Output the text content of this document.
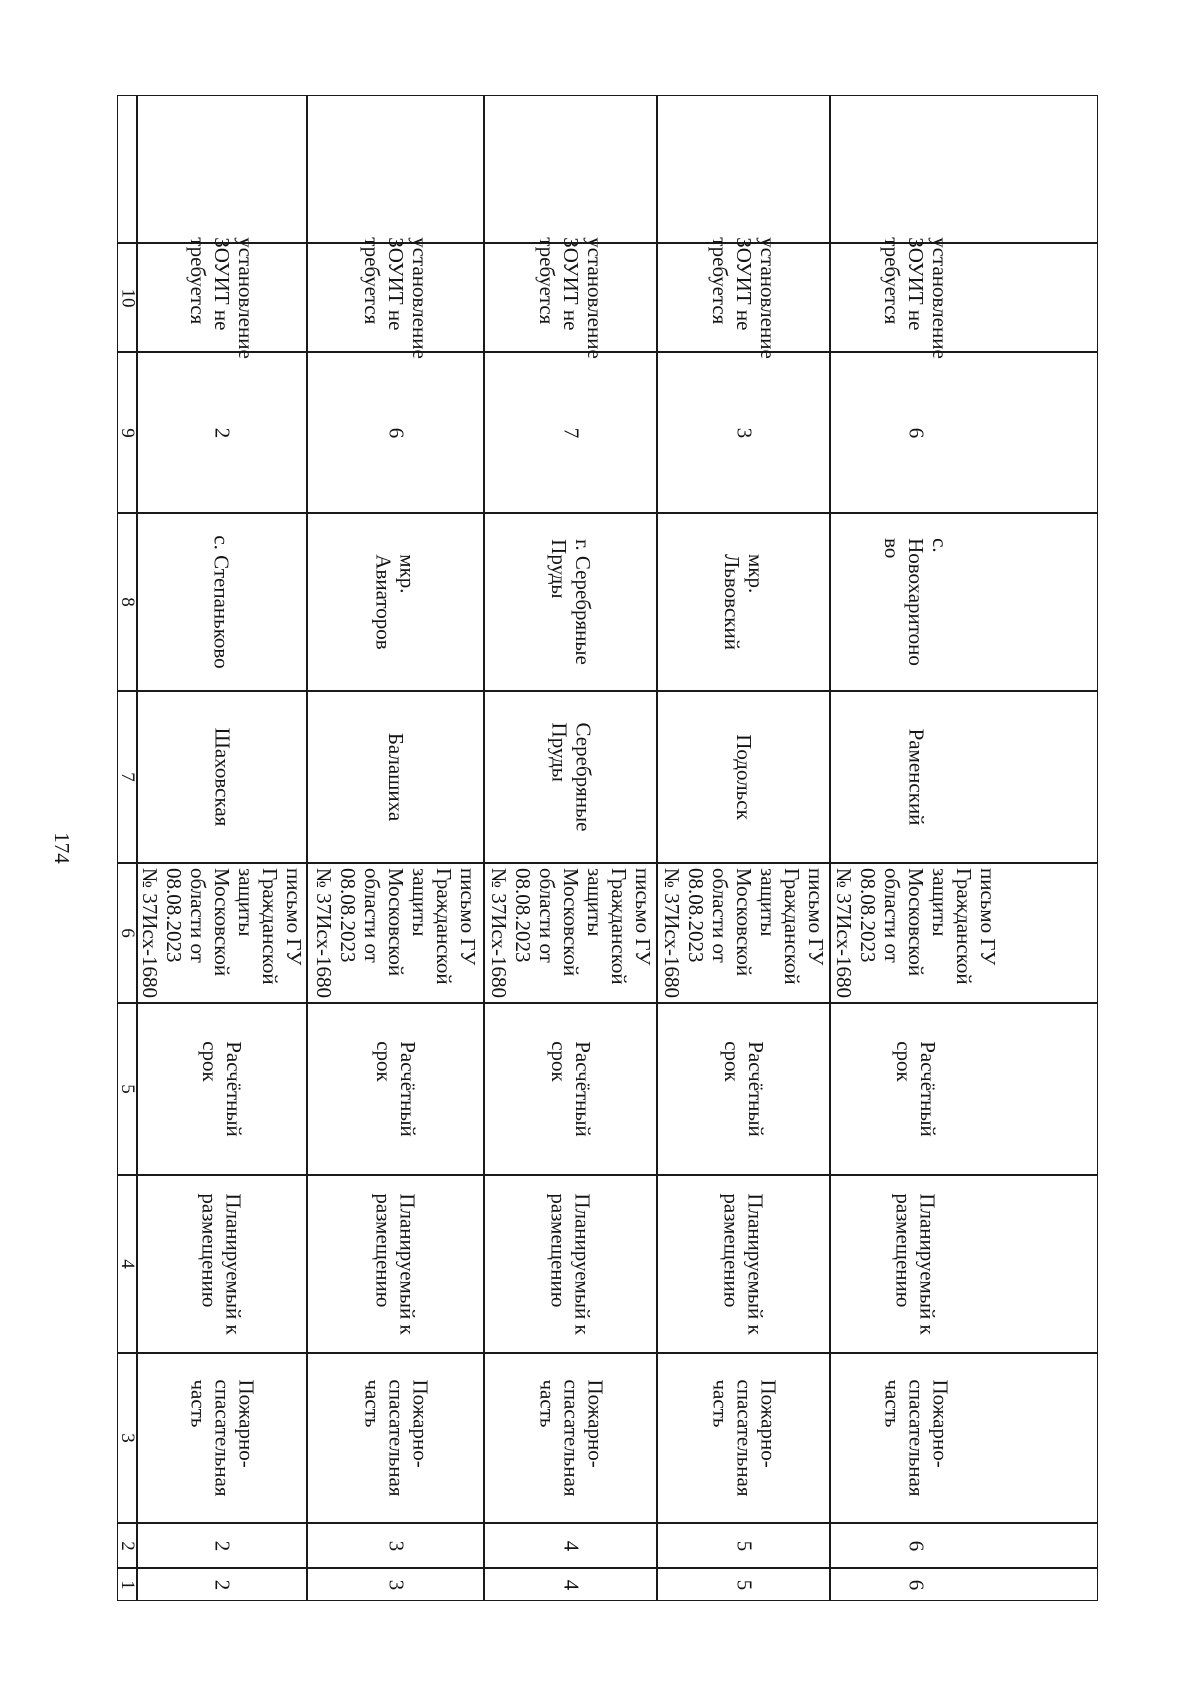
174
1
2
3
4
5
6
7
8
9
10
2
2
Пожарно-
спасательная
часть
Планируемый к
размещению
Расчётный
срок
письмо ГУ
Гражданской
защиты
Московской
области от
08.08.2023
№ 37Исх-1680
Шаховская
с. Степаньково
2
установление
ЗОУИТ не
требуется
3
3
Пожарно-
спасательная
часть
Планируемый к
размещению
Расчётный
срок
письмо ГУ
Гражданской
защиты
Московской
области от
08.08.2023
№ 37Исх-1680
Балашиха
мкр.
Авиаторов
6
установление
ЗОУИТ не
требуется
4
4
Пожарно-
спасательная
часть
Планируемый к
размещению
Расчётный
срок
письмо ГУ
Гражданской
защиты
Московской
области от
08.08.2023
№ 37Исх-1680
Серебряные
Пруды
г. Серебряные
Пруды
7
установление
ЗОУИТ не
требуется
5
5
Пожарно-
спасательная
часть
Планируемый к
размещению
Расчётный
срок
письмо ГУ
Гражданской
защиты
Московской
области от
08.08.2023
№ 37Исх-1680
Подольск
мкр.
Львовский
3
установление
ЗОУИТ не
требуется
6
6
Пожарно-
спасательная
часть
Планируемый к
размещению
Расчётный
срок
письмо ГУ
Гражданской
защиты
Московской
области от
08.08.2023
№ 37Исх-1680
Раменский
с.
Новохаритоно
во
6
установление
ЗОУИТ не
требуется
